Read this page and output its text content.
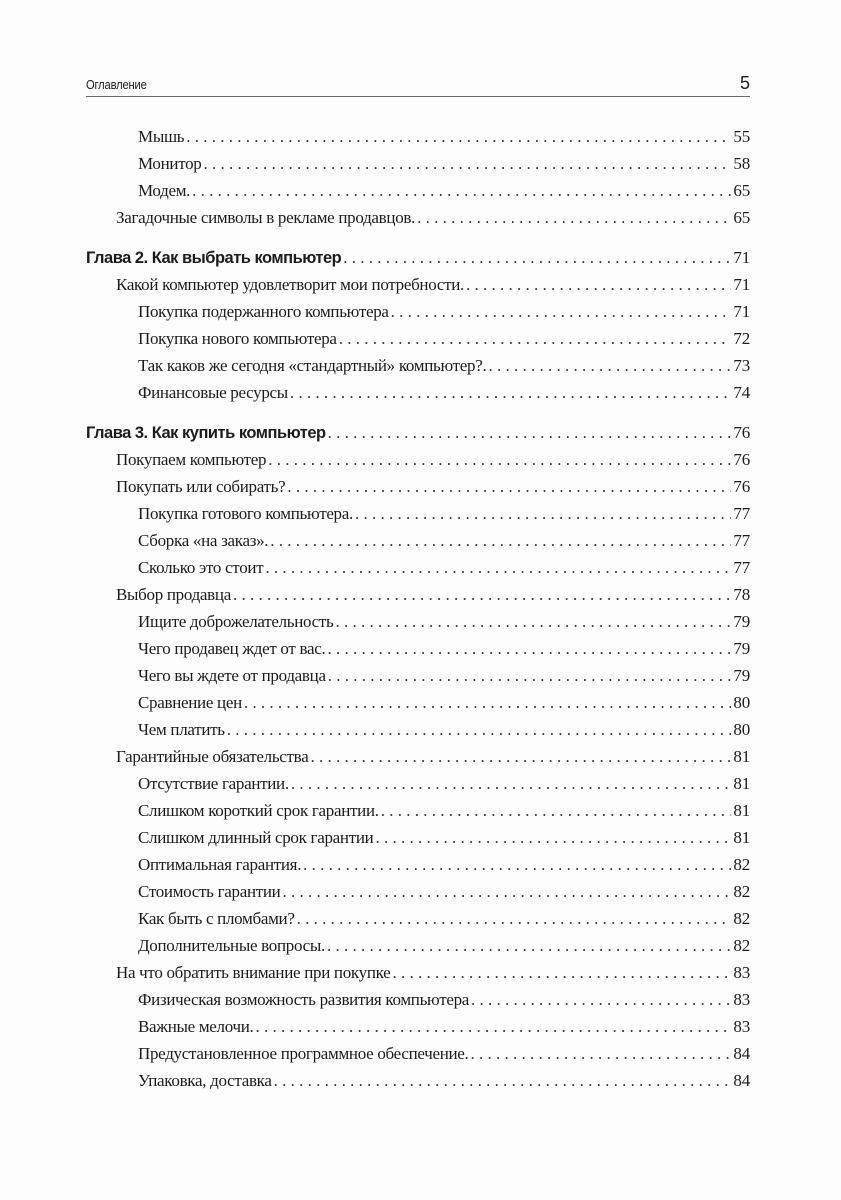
Оглавление	5
Мышь . . .	55
Монитор . . .	58
Модем. . . .	65
Загадочные символы в рекламе продавцов. . . .	65
Глава 2. Как выбрать компьютер . . .	71
Какой компьютер удовлетворит мои потребности. . . .	71
Покупка подержанного компьютера . . .	71
Покупка нового компьютера . . .	72
Так каков же сегодня «стандартный» компьютер?. . . .	73
Финансовые ресурсы . . .	74
Глава 3. Как купить компьютер . . .	76
Покупаем компьютер . . .	76
Покупать или собирать? . . .	76
Покупка готового компьютера. . . .	77
Сборка «на заказ». . . .	77
Сколько это стоит . . .	77
Выбор продавца . . .	78
Ищите доброжелательность . . .	79
Чего продавец ждет от вас. . . .	79
Чего вы ждете от продавца . . .	79
Сравнение цен . . .	80
Чем платить . . .	80
Гарантийные обязательства . . .	81
Отсутствие гарантии. . . .	81
Слишком короткий срок гарантии. . . .	81
Слишком длинный срок гарантии . . .	81
Оптимальная гарантия. . . .	82
Стоимость гарантии . . .	82
Как быть с пломбами? . . .	82
Дополнительные вопросы. . . .	82
На что обратить внимание при покупке . . .	83
Физическая возможность развития компьютера . . .	83
Важные мелочи. . . .	83
Предустановленное программное обеспечение. . . .	84
Упаковка, доставка . . .	84
